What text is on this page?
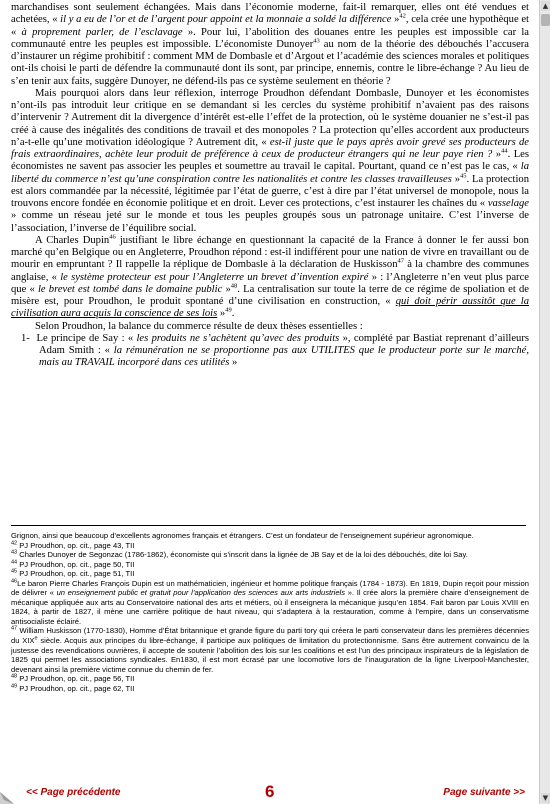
marchandises sont seulement échangées. Mais dans l’économie moderne, fait-il remarquer, elles ont été vendues et achetées, « il y a eu de l’or et de l’argent pour appoint et la monnaie a soldé la différence »$^{42}$, cela crée une hypothèque et « à proprement parler, de l’esclavage ». Pour lui, l’abolition des douanes entre les peuples est impossible car la communauté entre les peuples est impossible. L’économiste Dunoyer$^{43}$ au nom de la théorie des débouchés l’accusera d’instaurer un régime prohibitif : comment MM de Dombasle et d’Argout et l’académie des sciences morales et politiques ont-ils choisi le parti de défendre la communauté dont ils sont, par principe, ennemis, contre le libre-échange ? Au lieu de s’en tenir aux faits, suggère Dunoyer, ne défend-ils pas ce système seulement en théorie ?

Mais pourquoi alors dans leur réflexion, interroge Proudhon défendant Dombasle, Dunoyer et les économistes n’ont-ils pas introduit leur critique en se demandant si les cercles du système prohibitif n’avaient pas des raisons d’intervenir ? Autrement dit la divergence d’intérêt est-elle l’effet de la protection, où le système douanier ne s’est-il pas créé à cause des inégalités des conditions de travail et des monopoles ? La protection qu’elles accordent aux producteurs n’a-t-elle qu’une motivation idéologique ? Autrement dit, « est-il juste que le pays après avoir grevé ses producteurs de frais extraordinaires, achète leur produit de préférence à ceux de producteur étrangers qui ne leur paye rien ? »$^{44}$. Les économistes ne savent pas associer les peuples et soumettre au travail le capital. Pourtant, quand ce n’est pas le cas, « la liberté du commerce n’est qu’une conspiration contre les nationalités et contre les classes travailleuses »$^{45}$. La protection est alors commandée par la nécessité, légitimée par l’état de guerre, c’est à dire par l’état universel de monopole, nous la trouvons encore fondée en économie politique et en droit. Lever ces protections, c’est instaurer les chaînes du « vasselage » comme un réseau jeté sur le monde et tous les peuples groupés sous un patronage unitaire. C’est l’inverse de l’association, l’inverse de l’équilibre social.

A Charles Dupin$^{46}$ justifiant le libre échange en questionnant la capacité de la France à donner le fer aussi bon marché qu’en Belgique ou en Angleterre, Proudhon répond : est-il indifférent pour une nation de vivre en travaillant ou de mourir en empruntant ? Il rappelle la réplique de Dombasle à la déclaration de Huskisson$^{47}$ à la chambre des communes anglaise, « le système protecteur est pour l’Angleterre un brevet d’invention expiré » : l’Angleterre n’en veut plus parce que « le brevet est tombé dans le domaine public »$^{48}$. La centralisation sur toute la terre de ce régime de spoliation et de misère est, pour Proudhon, le produit spontané d’une civilisation en construction, « qui doit périr aussitôt que la civilisation aura acquis la conscience de ses lois »$^{49}$.

Selon Proudhon, la balance du commerce résulte de deux thèses essentielles :

1-  Le principe de Say : « les produits ne s’achètent qu’avec des produits », complété par Bastiat reprenant d’ailleurs Adam Smith : « la rémunération ne se proportionne pas aux UTILITES que le producteur porte sur le marché, mais au TRAVAIL incorporé dans ces utilités »

Grignon, ainsi que beaucoup d’excellents agronomes français et étrangers. C’est un fondateur de l’enseignement supérieur agronomique.

$^{42}$ PJ Proudhon, op. cit., page 43, TII

$^{43}$ Charles Dunoyer de Segonzac (1786-1862), économiste qui s’inscrit dans la lignée de JB Say et de la loi des débouchés, dite loi Say.

$^{44}$ PJ Proudhon, op. cit., page 50, TII

$^{45}$ PJ Proudhon, op. cit., page 51, TII

$^{46}$Le baron Pierre Charles François Dupin est un mathématicien, ingénieur et homme politique français (1784 - 1873). En 1819, Dupin reçoit pour mission de délivrer « un enseignement public et gratuit pour l’application des sciences aux arts industriels ». Il crée alors la première chaire d’enseignement de mécanique appliquée aux arts au Conservatoire national des arts et métiers, où il enseignera la mécanique jusqu’en 1854. Fait baron par Louis XVIII en 1824, à partir de 1827, il mène une carrière politique de haut niveau, qui s’adaptera à la restauration, comme à l’empire, dans un conservatisme antisocialiste éclairé.

$^{47}$ William Huskisson (1770-1830), Homme d’État britannique et grande figure du parti tory qui créera le parti conservateur dans les premières décennies du XIXe siècle. Acquis aux principes du libre-échange, il participe aux politiques de limitation du protectionnisme. Sans être autrement convaincu de la justesse des revendications ouvrières, il accepte de soutenir l’abolition des lois sur les coalitions et est l’un des principaux inspirateurs de la législation de 1825 qui permet les associations syndicales. En1830, il est mort écrasé par une locomotive lors de l’inauguration de la ligne Liverpool-Manchester, devenant ainsi la première victime connue du chemin de fer.

$^{48}$ PJ Proudhon, op. cit., page 56, TII

$^{49}$ PJ Proudhon, op. cit., page 62, TII

<< Page précédente	6	Page suivante >>
▲
▼
